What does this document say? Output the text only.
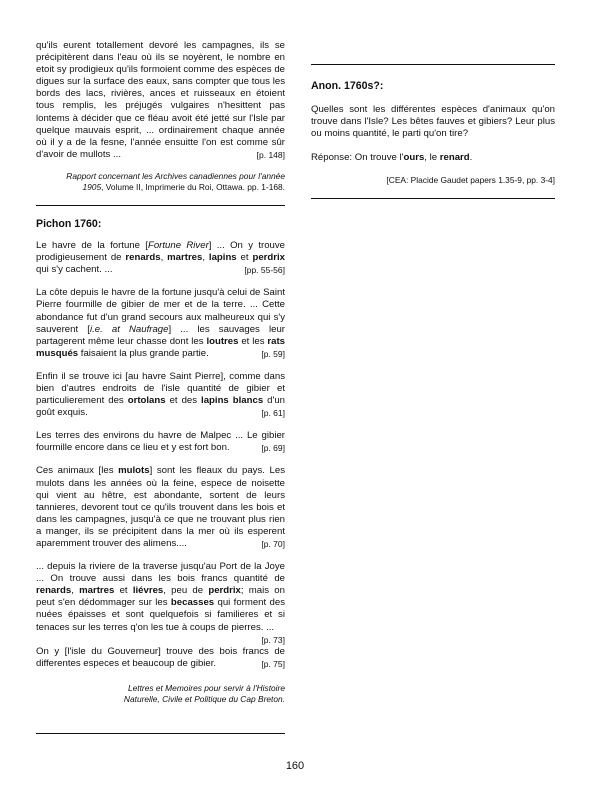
qu'ils eurent totallement devoré les campagnes, ils se précipitèrent dans l'eau où ils se noyèrent, le nombre en etoit sy prodigieux qu'ils formoient comme des espèces de digues sur la surface des eaux, sans compter que tous les bords des lacs, rivières, ances et ruisseaux en étoient tous remplis, les préjugés vulgaires n'hesittent pas lontems à décider que ce fléau avoit été jetté sur l'Isle par quelque mauvais esprit, ... ordinairement chaque année où il y a de la fesne, l'année ensuitte l'on est comme sûr d'avoir de mullots ...	[p. 148]

Rapport concernant les Archives canadiennes pour l'année
1905, Volume II, Imprimerie du Roi, Ottawa. pp. 1-168.

Pichon 1760:

Le havre de la fortune [Fortune River] ... On y trouve prodigieusement de renards, martres, lapins et perdrix qui s'y cachent. ...	[pp. 55-56]

La côte depuis le havre de la fortune jusqu'à celui de Saint Pierre fourmille de gibier de mer et de la terre. ... Cette abondance fut d'un grand secours aux malheureux qui s'y sauverent [i.e. at Naufrage] ... les sauvages leur partagerent même leur chasse dont les loutres et les rats musqués faisaient la plus grande partie.	[p. 59]

Enfin il se trouve ici [au havre Saint Pierre], comme dans bien d'autres endroits de l'isle quantité de gibier et particulierement des ortolans et des lapins blancs d'un goût exquis.	[p. 61]

Les terres des environs du havre de Malpec ... Le gibier fourmille encore dans ce lieu et y est fort bon.	[p. 69]

Ces animaux [les mulots] sont les fleaux du pays. Les mulots dans les années où la feine, espece de noisette qui vient au hêtre, est abondante, sortent de leurs tannieres, devorent tout ce qu'ils trouvent dans les bois et dans les campagnes, jusqu'à ce que ne trouvant plus rien a manger, ils se précipitent dans la mer où ils esperent aparemment trouver des alimens....	[p. 70]

... depuis la riviere de la traverse jusqu'au Port de la Joye ... On trouve aussi dans les bois francs quantité de renards, martres et liévres, peu de perdrix; mais on peut s'en dédommager sur les becasses qui forment des nuées épaisses et sont quelquefois si familieres et si tenaces sur les terres q'on les tue à coups de pierres. ...
[p. 73]

On y [l'isle du Gouverneur] trouve des bois francs de differentes especes et beaucoup de gibier.	[p. 75]

Lettres et Memoires pour servir à l'Histoire
Naturelle, Civile et Politique du Cap Breton.

Anon. 1760s?:

Quelles sont les différentes espèces d'animaux qu'on trouve dans l'Isle? Les bêtes fauves et gibiers? Leur plus ou moins quantité, le parti qu'on tire?

Réponse: On trouve l'ours, le renard.

[CEA: Placide Gaudet papers 1.35-9, pp. 3-4]

160
